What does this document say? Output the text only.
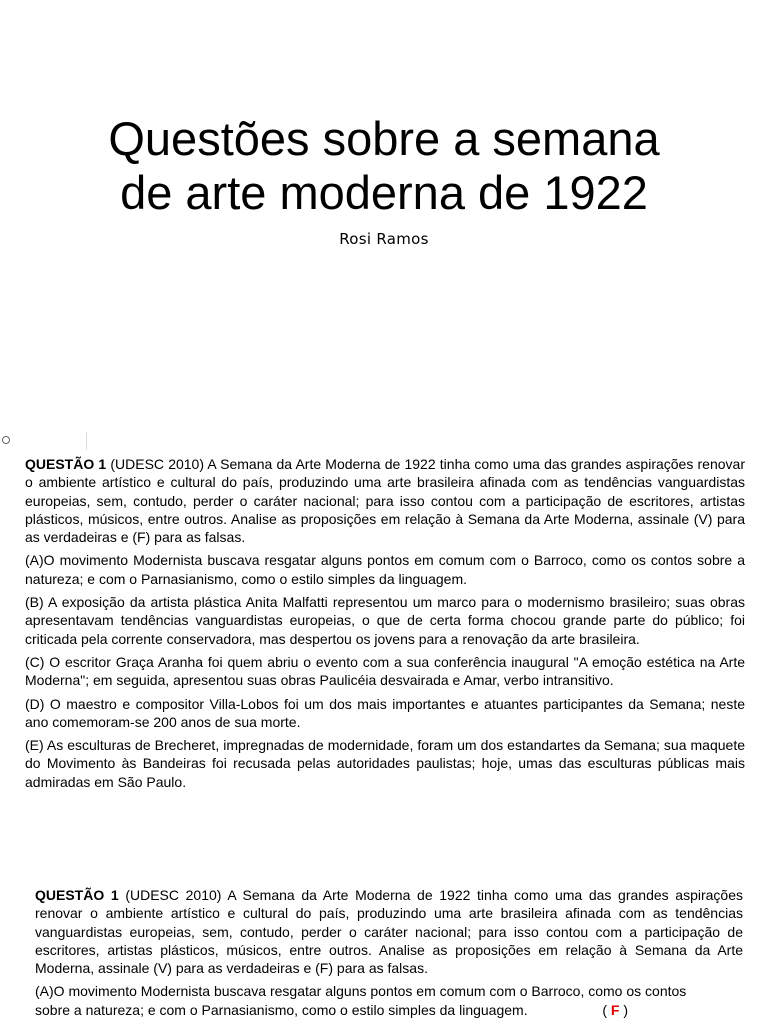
Questões sobre a semana
de arte moderna de 1922
Rosi Ramos

QUESTÃO 1 (UDESC 2010) A Semana da Arte Moderna de 1922 tinha como uma das grandes aspirações renovar o ambiente artístico e cultural do país, produzindo uma arte brasileira afinada com as tendências vanguardistas europeias, sem, contudo, perder o caráter nacional; para isso contou com a participação de escritores, artistas plásticos, músicos, entre outros. Analise as proposições em relação à Semana da Arte Moderna, assinale (V) para as verdadeiras e (F) para as falsas.

(A)O movimento Modernista buscava resgatar alguns pontos em comum com o Barroco, como os contos sobre a natureza; e com o Parnasianismo, como o estilo simples da linguagem.

(B) A exposição da artista plástica Anita Malfatti representou um marco para o modernismo brasileiro; suas obras apresentavam tendências vanguardistas europeias, o que de certa forma chocou grande parte do público; foi criticada pela corrente conservadora, mas despertou os jovens para a renovação da arte brasileira.

(C) O escritor Graça Aranha foi quem abriu o evento com a sua conferência inaugural "A emoção estética na Arte Moderna"; em seguida, apresentou suas obras Paulicéia desvairada e Amar, verbo intransitivo.

(D) O maestro e compositor Villa-Lobos foi um dos mais importantes e atuantes participantes da Semana; neste ano comemoram-se 200 anos de sua morte.

(E) As esculturas de Brecheret, impregnadas de modernidade, foram um dos estandartes da Semana; sua maquete do Movimento às Bandeiras foi recusada pelas autoridades paulistas; hoje, umas das esculturas públicas mais admiradas em São Paulo.

QUESTÃO 1 (UDESC 2010) A Semana da Arte Moderna de 1922 tinha como uma das grandes aspirações renovar o ambiente artístico e cultural do país, produzindo uma arte brasileira afinada com as tendências vanguardistas europeias, sem, contudo, perder o caráter nacional; para isso contou com a participação de escritores, artistas plásticos, músicos, entre outros. Analise as proposições em relação à Semana da Arte Moderna, assinale (V) para as verdadeiras e (F) para as falsas.

(A)O movimento Modernista buscava resgatar alguns pontos em comum com o Barroco, como os contos

sobre a natureza; e com o Parnasianismo, como o estilo simples da linguagem.	( F )
